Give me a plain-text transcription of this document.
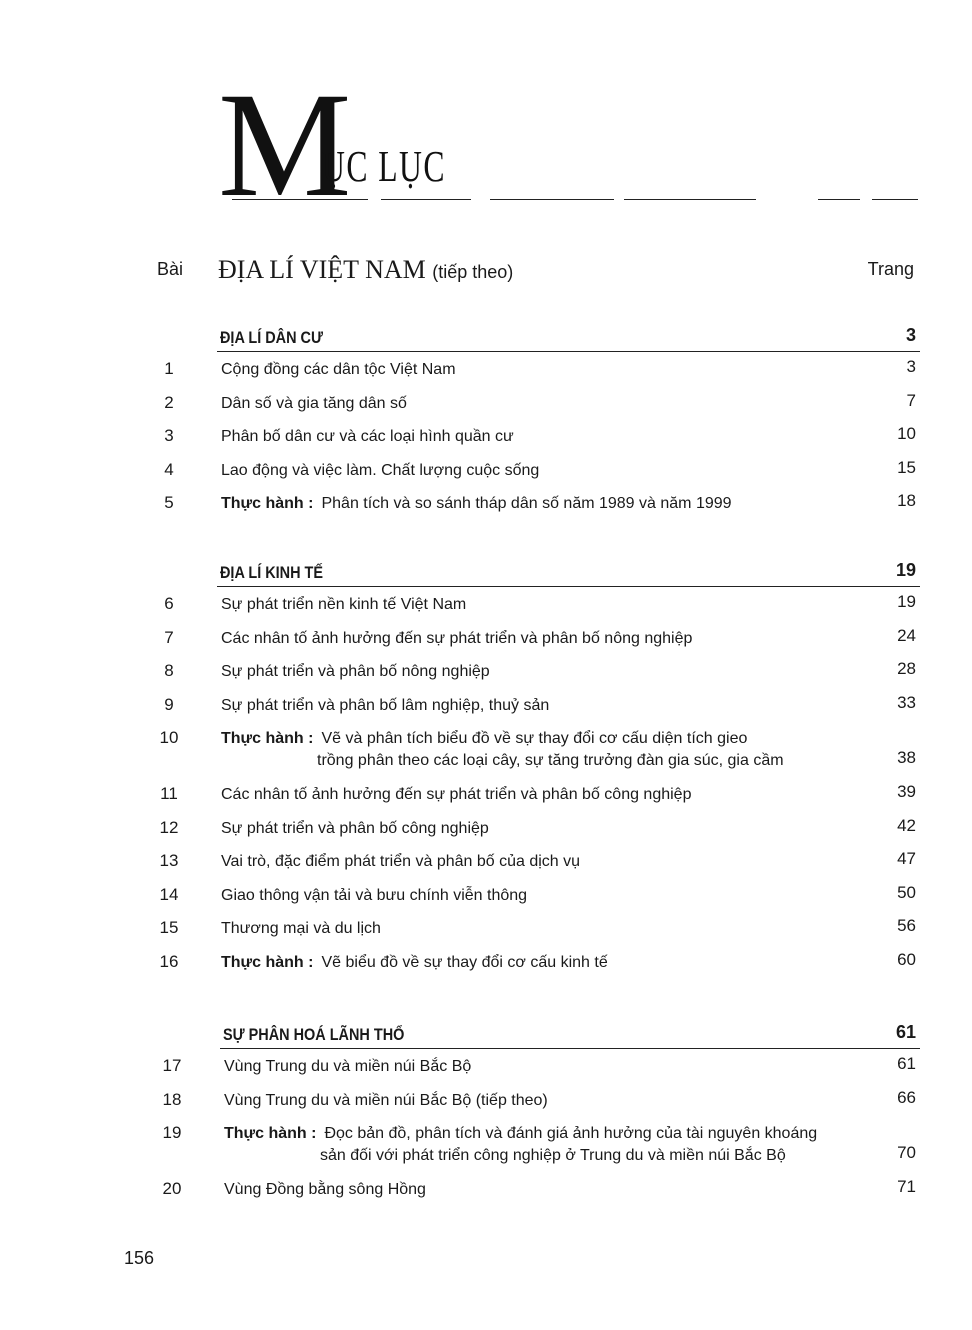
M
ỤC LỤC
Bài ĐỊA LÍ VIỆT NAM (tiếp theo)	Trang
ĐỊA LÍ DÂN CƯ	3
1	Cộng đồng các dân tộc Việt Nam	3
2	Dân số và gia tăng dân số	7
3	Phân bố dân cư và các loại hình quần cư	10
4	Lao động và việc làm. Chất lượng cuộc sống	15
5	Thực hành : Phân tích và so sánh tháp dân số năm 1989 và năm 1999	18
ĐỊA LÍ KINH TẾ	19
6	Sự phát triển nền kinh tế Việt Nam	19
7	Các nhân tố ảnh hưởng đến sự phát triển và phân bố nông nghiệp	24
8	Sự phát triển và phân bố nông nghiệp	28
9	Sự phát triển và phân bố lâm nghiệp, thuỷ sản	33
10	Thực hành : Vẽ và phân tích biểu đồ về sự thay đổi cơ cấu diện tích gieo
trồng phân theo các loại cây, sự tăng trưởng đàn gia súc, gia cầm	38
11	Các nhân tố ảnh hưởng đến sự phát triển và phân bố công nghiệp	39
12	Sự phát triển và phân bố công nghiệp	42
13	Vai trò, đặc điểm phát triển và phân bố của dịch vụ	47
14	Giao thông vận tải và bưu chính viễn thông	50
15	Thương mại và du lịch	56
16	Thực hành : Vẽ biểu đồ về sự thay đổi cơ cấu kinh tế	60
SỰ PHÂN HOÁ LÃNH THỔ	61
17	Vùng Trung du và miền núi Bắc Bộ	61
18	Vùng Trung du và miền núi Bắc Bộ (tiếp theo)	66
19	Thực hành : Đọc bản đồ, phân tích và đánh giá ảnh hưởng của tài nguyên khoáng
sản đối với phát triển công nghiệp ở Trung du và miền núi Bắc Bộ	70
20	Vùng Đồng bằng sông Hồng	71
156
